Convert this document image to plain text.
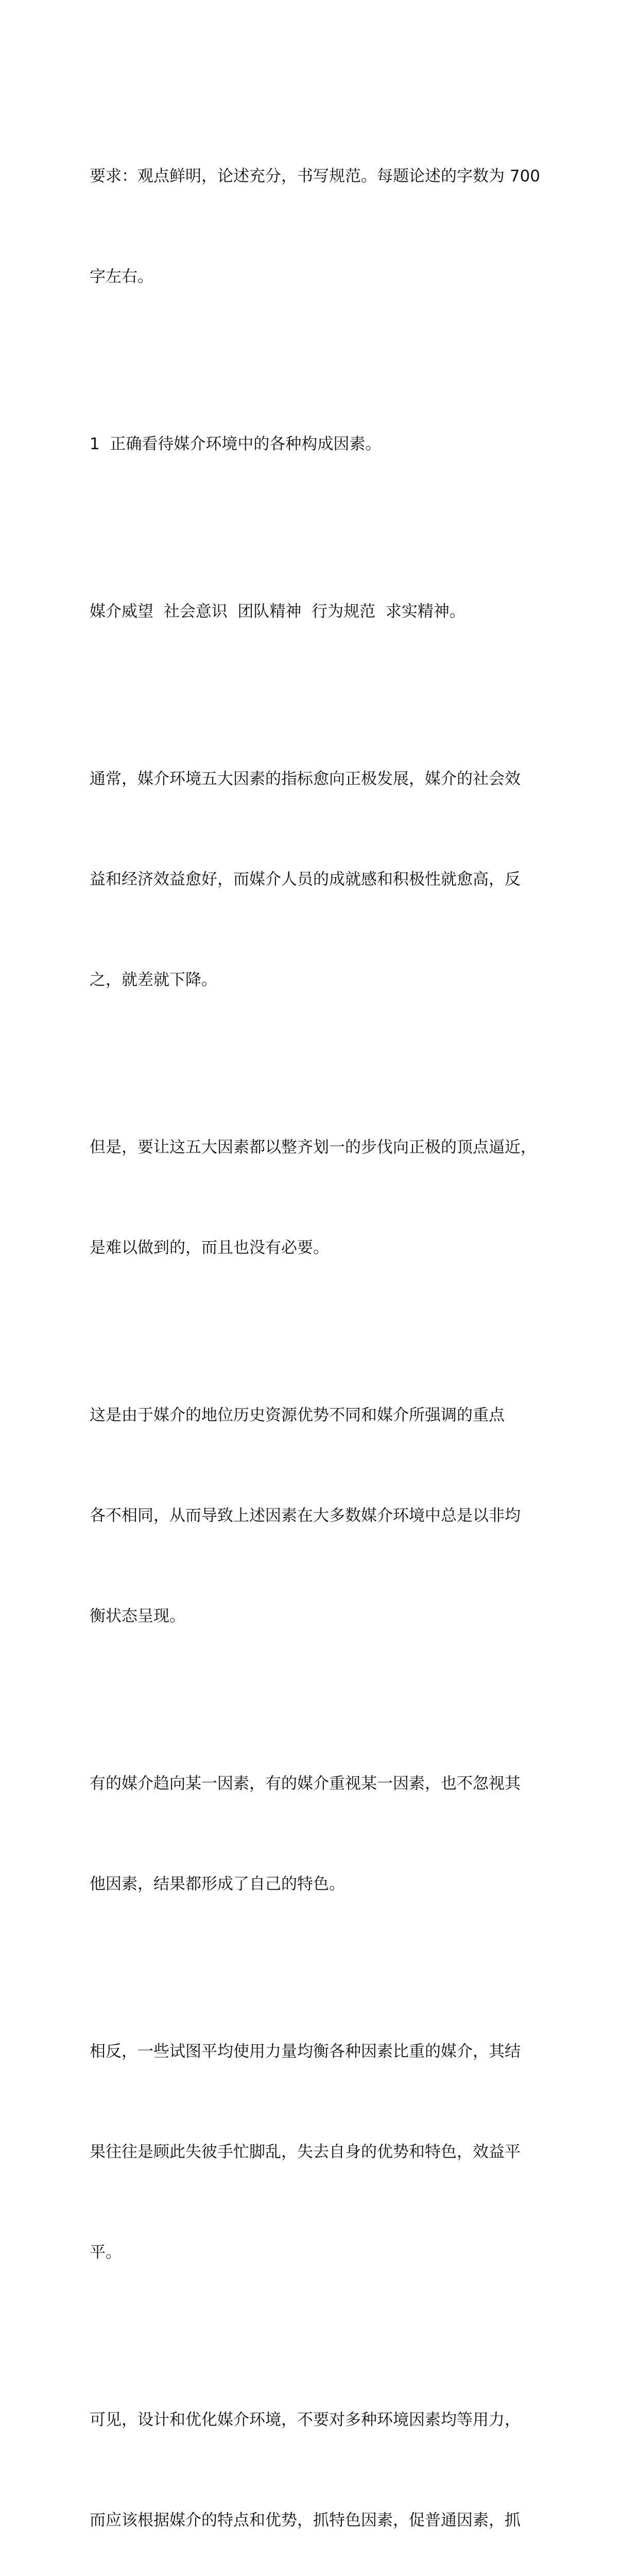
要求：观点鲜明，论述充分，书写规范。每题论述的字数为 700

字左右。

1  正确看待媒介环境中的各种构成因素。

媒介威望  社会意识  团队精神  行为规范  求实精神。

通常，媒介环境五大因素的指标愈向正极发展，媒介的社会效

益和经济效益愈好，而媒介人员的成就感和积极性就愈高，反

之，就差就下降。

但是，要让这五大因素都以整齐划一的步伐向正极的顶点逼近，

是难以做到的，而且也没有必要。

这是由于媒介的地位历史资源优势不同和媒介所强调的重点

各不相同，从而导致上述因素在大多数媒介环境中总是以非均

衡状态呈现。

有的媒介趋向某一因素，有的媒介重视某一因素，也不忽视其

他因素，结果都形成了自己的特色。

相反，一些试图平均使用力量均衡各种因素比重的媒介，其结

果往往是顾此失彼手忙脚乱，失去自身的优势和特色，效益平

平。

可见，设计和优化媒介环境，不要对多种环境因素均等用力，

而应该根据媒介的特点和优势，抓特色因素，促普通因素，抓
